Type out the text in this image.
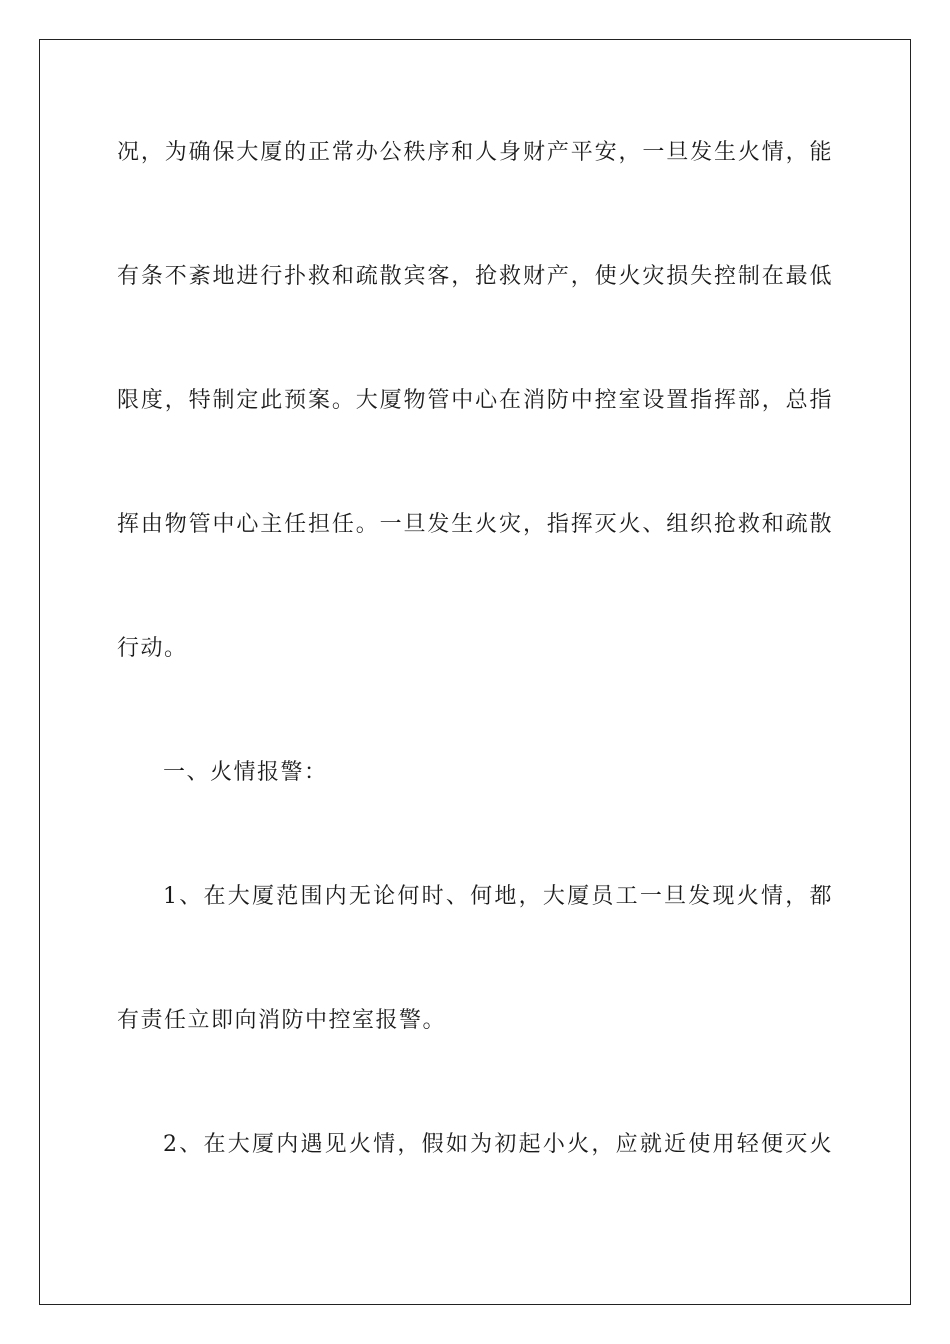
况，为确保大厦的正常办公秩序和人身财产平安，一旦发生火情，能
有条不紊地进行扑救和疏散宾客，抢救财产，使火灾损失控制在最低
限度，特制定此预案。大厦物管中心在消防中控室设置指挥部，总指
挥由物管中心主任担任。一旦发生火灾，指挥灭火、组织抢救和疏散
行动。
一、火情报警：
1、在大厦范围内无论何时、何地，大厦员工一旦发现火情，都
有责任立即向消防中控室报警。
2、在大厦内遇见火情，假如为初起小火，应就近使用轻便灭火
